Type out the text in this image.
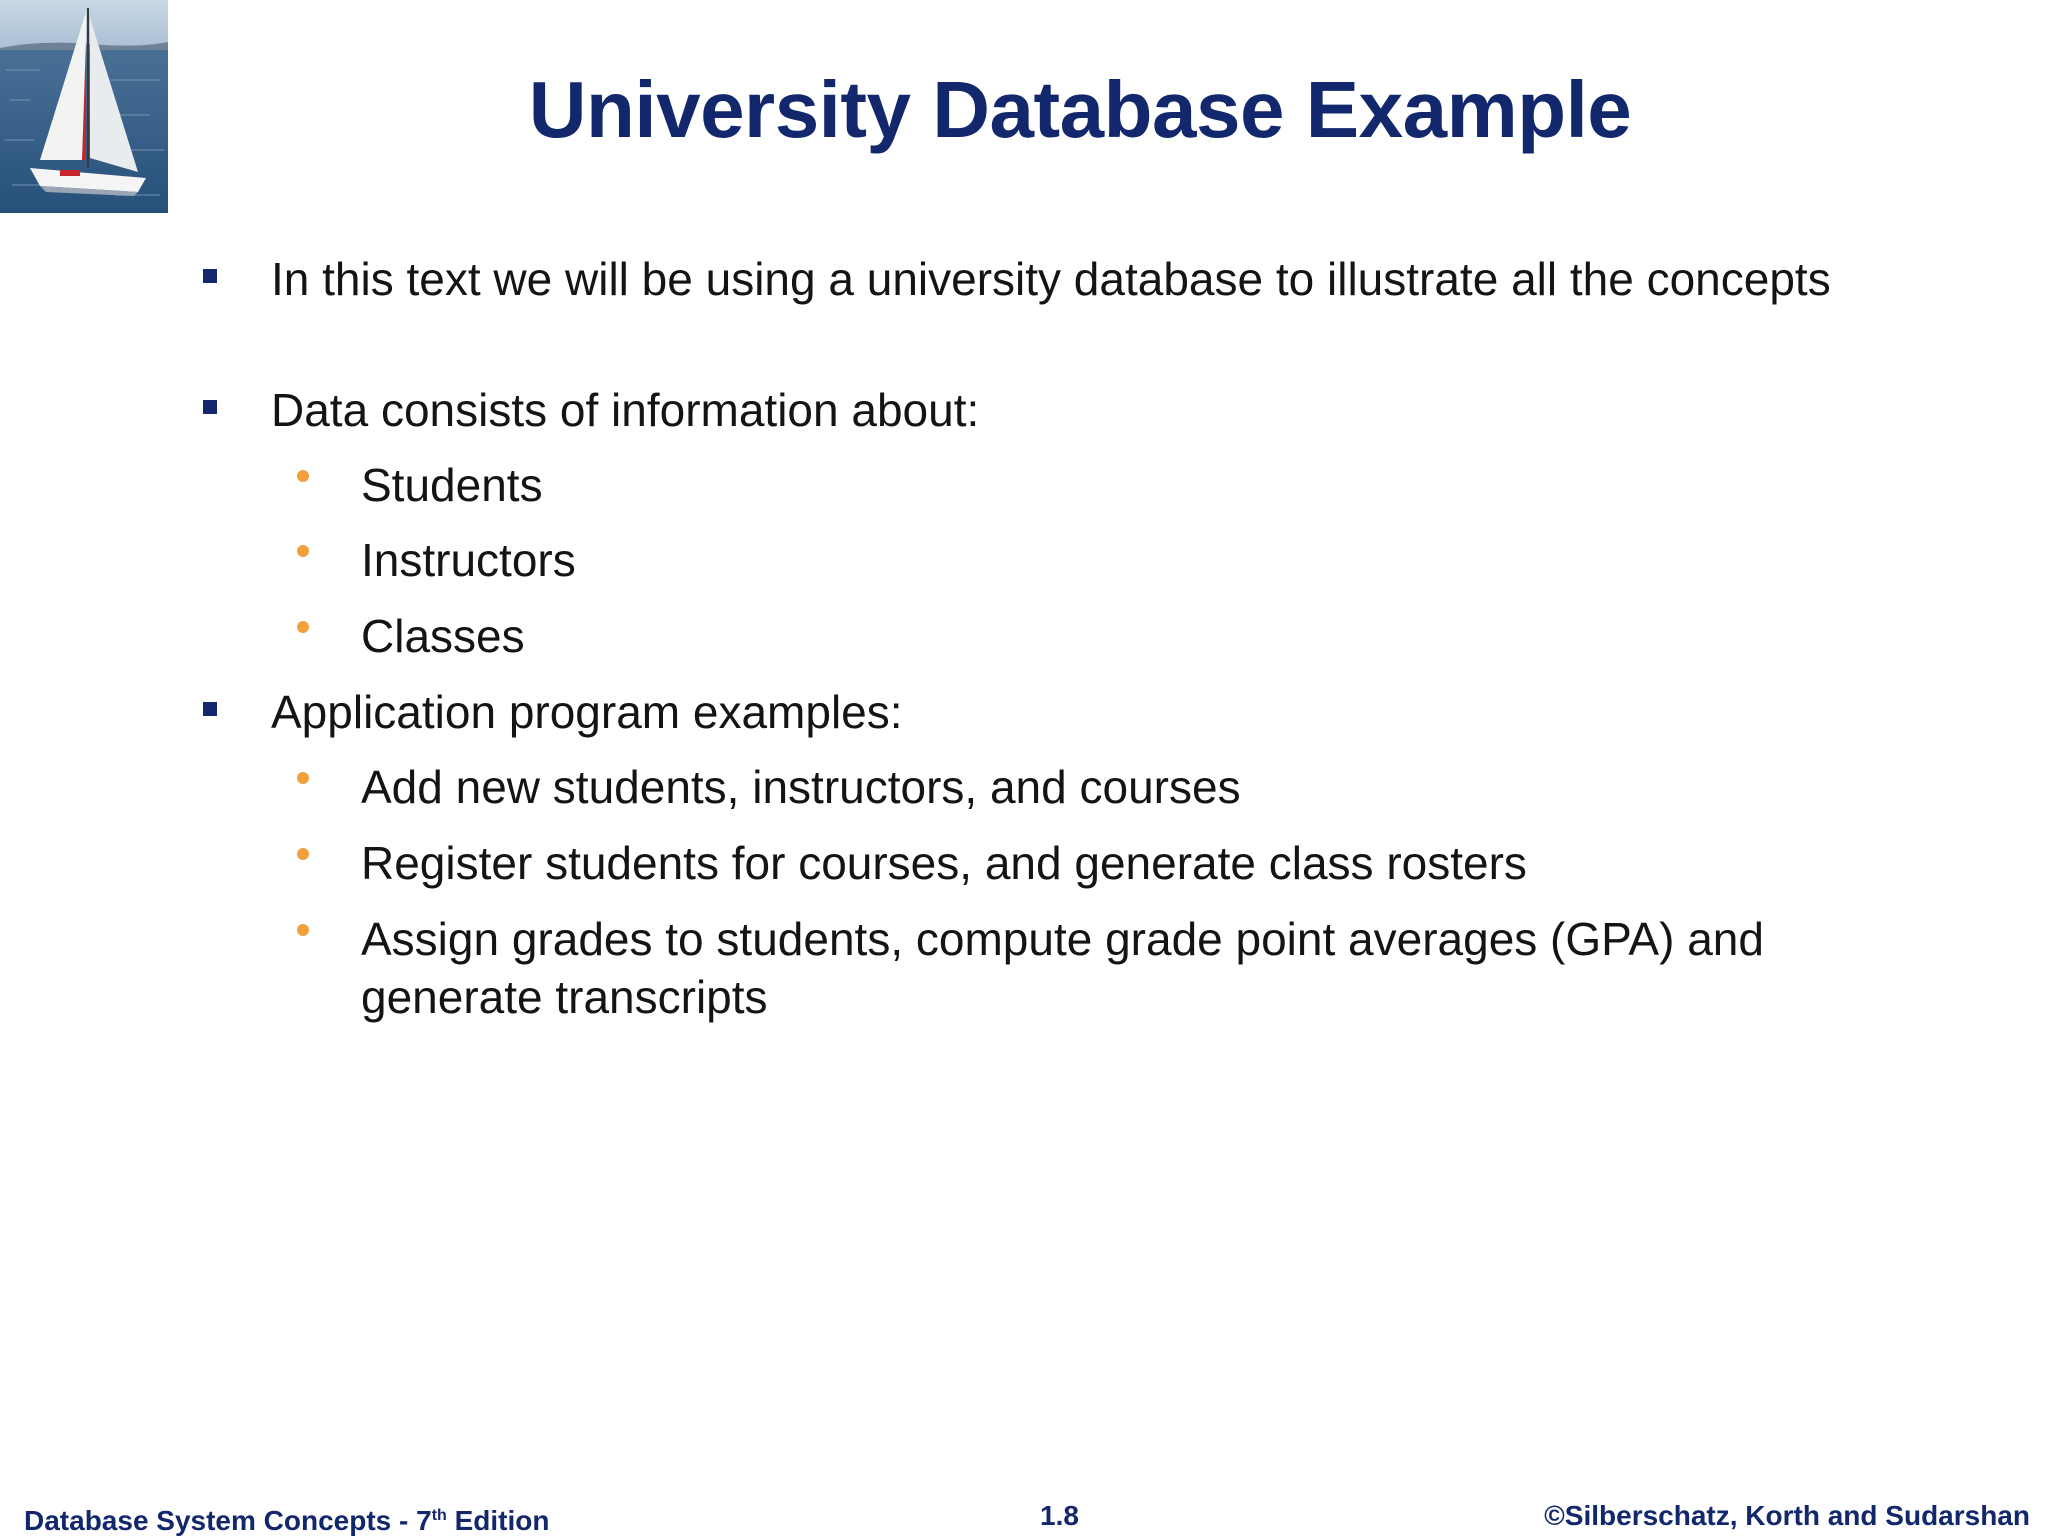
University Database Example
In this text we will be using a university database to illustrate all the concepts
Data consists of information about:
Students
Instructors
Classes
Application program examples:
Add new students, instructors, and courses
Register students for courses, and generate class rosters
Assign grades to students, compute grade point averages (GPA) and generate transcripts
Database System Concepts - 7th Edition	1.8	©Silberschatz, Korth and Sudarshan
